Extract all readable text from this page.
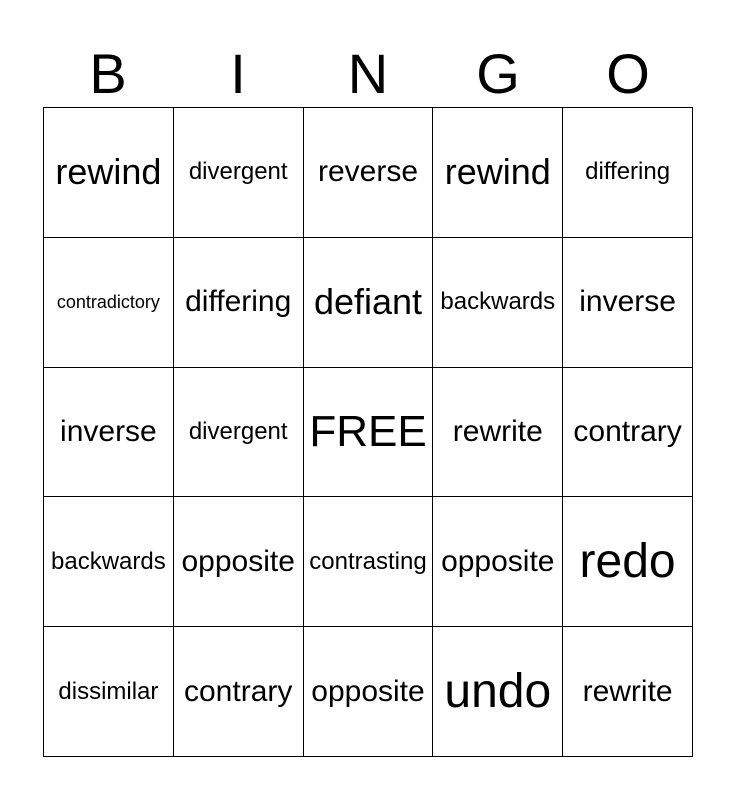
B	I	N	G	O
rewind divergent reverse rewind differing
contradictory differing defiant backwards inverse
inverse divergent FREE rewrite contrary
backwards opposite contrasting opposite redo
dissimilar contrary opposite undo rewrite
